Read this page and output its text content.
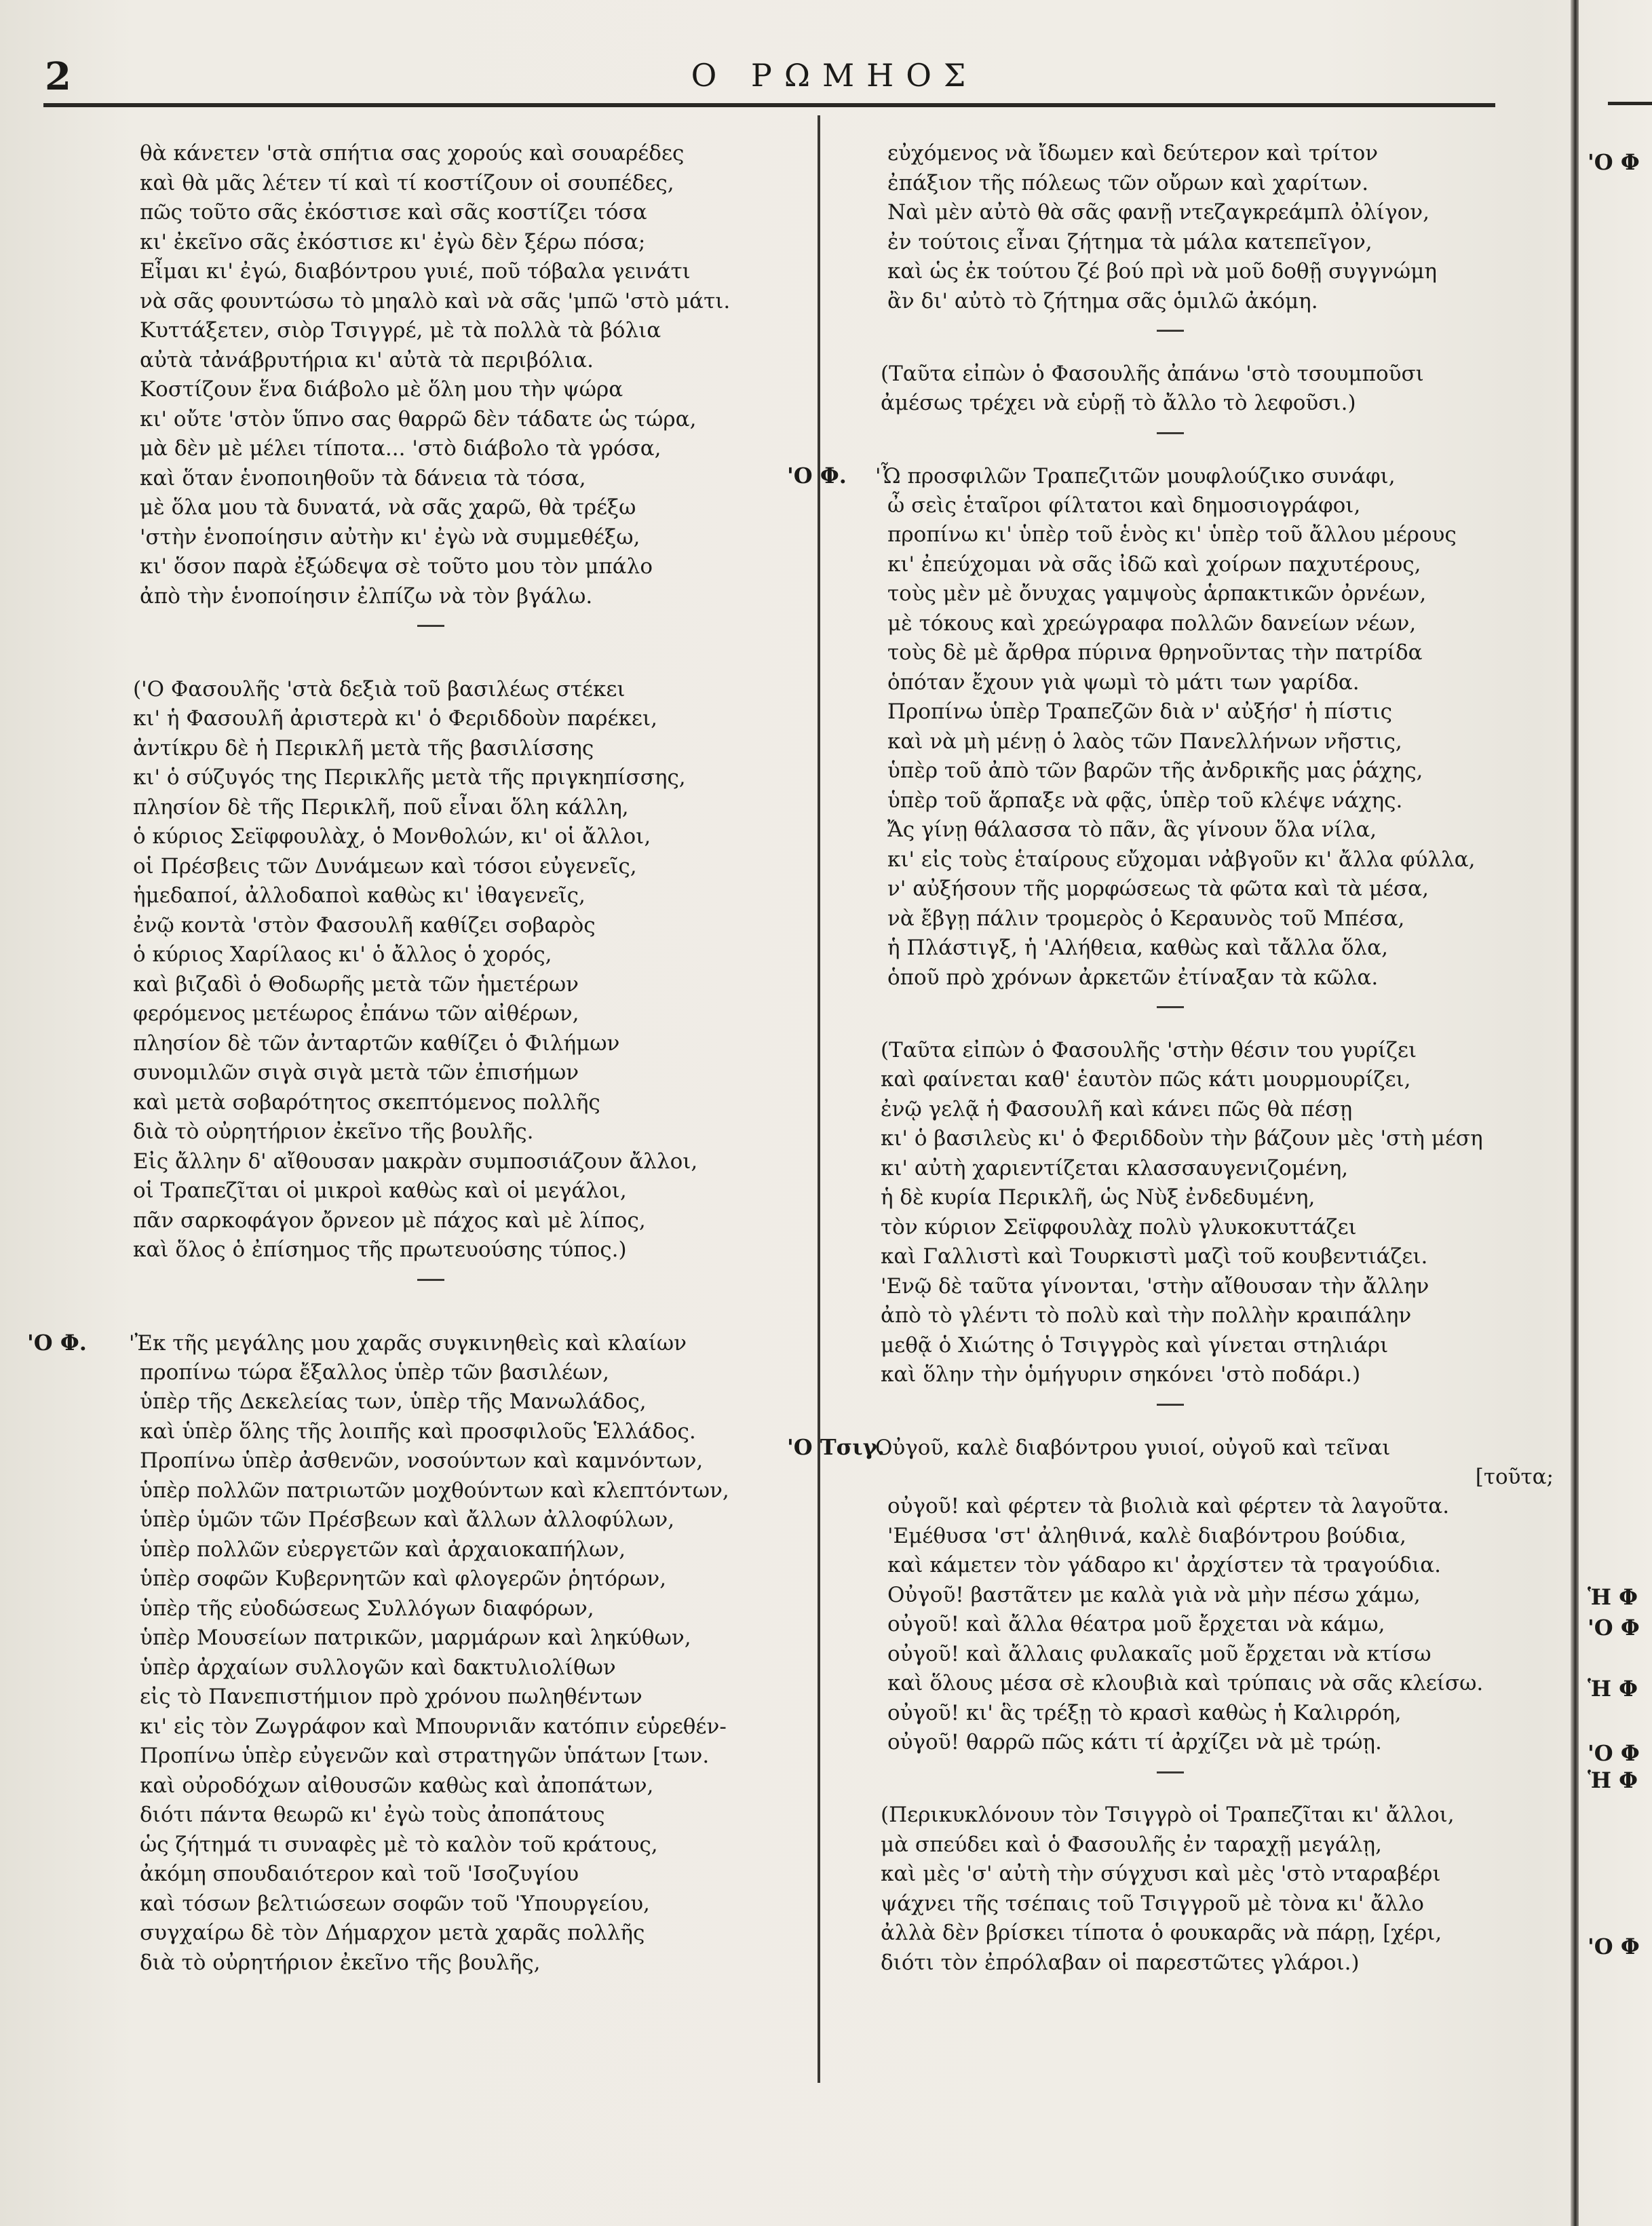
2	Ο ΡΩΜΗΟΣ
θὰ κάνετεν 'στὰ σπήτια σας χορούς καὶ σουαρέδες
καὶ θὰ μᾶς λέτεν τί καὶ τί κοστίζουν οἱ σουπέδες,
πῶς τοῦτο σᾶς ἐκόστισε καὶ σᾶς κοστίζει τόσα
κι' ἐκεῖνο σᾶς ἐκόστισε κι' ἐγὼ δὲν ξέρω πόσα;
Εἶμαι κι' ἐγώ, διαβόντρου γυιέ, ποῦ τόβαλα γεινάτι
νὰ σᾶς φουντώσω τὸ μηαλὸ καὶ νὰ σᾶς 'μπῶ 'στὸ μάτι.
Κυττάξετεν, σιὸρ Τσιγγρέ, μὲ τὰ πολλὰ τὰ βόλια
αὐτὰ τἀνάβρυτήρια κι' αὐτὰ τὰ περιβόλια.
Κοστίζουν ἕνα διάβολο μὲ ὅλη μου τὴν ψώρα
κι' οὔτε 'στὸν ὕπνο σας θαρρῶ δὲν τάδατε ὡς τώρα,
μὰ δὲν μὲ μέλει τίποτα... 'στὸ διάβολο τὰ γρόσα,
καὶ ὅταν ἑνοποιηθοῦν τὰ δάνεια τὰ τόσα,
μὲ ὅλα μου τὰ δυνατά, νὰ σᾶς χαρῶ, θὰ τρέξω
'στὴν ἑνοποίησιν αὐτὴν κι' ἐγὼ νὰ συμμεθέξω,
κι' ὅσον παρὰ ἐξώδεψα σὲ τοῦτο μου τὸν μπάλο
ἀπὸ τὴν ἑνοποίησιν ἐλπίζω νὰ τὸν βγάλω.
('Ο Φασουλῆς 'στὰ δεξιὰ τοῦ βασιλέως στέκει
κι' ἡ Φασουλῆ ἀριστερὰ κι' ὁ Φεριδδοὺν παρέκει,
ἀντίκρυ δὲ ἡ Περικλῆ μετὰ τῆς βασιλίσσης
κι' ὁ σύζυγός της Περικλῆς μετὰ τῆς πριγκηπίσσης,
πλησίον δὲ τῆς Περικλῆ, ποῦ εἶναι ὅλη κάλλη,
ὁ κύριος Σεϊφφουλὰχ, ὁ Μονθολών, κι' οἱ ἄλλοι,
οἱ Πρέσβεις τῶν Δυνάμεων καὶ τόσοι εὐγενεῖς,
ἡμεδαποί, ἀλλοδαποὶ καθὼς κι' ἰθαγενεῖς,
ἐνῷ κοντὰ 'στὸν Φασουλῆ καθίζει σοβαρὸς
ὁ κύριος Χαρίλαος κι' ὁ ἄλλος ὁ χορός,
καὶ βιζαδὶ ὁ Θοδωρῆς μετὰ τῶν ἡμετέρων
φερόμενος μετέωρος ἐπάνω τῶν αἰθέρων,
πλησίον δὲ τῶν ἀνταρτῶν καθίζει ὁ Φιλήμων
συνομιλῶν σιγὰ σιγὰ μετὰ τῶν ἐπισήμων
καὶ μετὰ σοβαρότητος σκεπτόμενος πολλῆς
διὰ τὸ οὐρητήριον ἐκεῖνο τῆς βουλῆς.
Εἰς ἄλλην δ' αἴθουσαν μακρὰν συμποσιάζουν ἄλλοι,
οἱ Τραπεζῖται οἱ μικροὶ καθὼς καὶ οἱ μεγάλοι,
πᾶν σαρκοφάγον ὄρνεον μὲ πάχος καὶ μὲ λίπος,
καὶ ὅλος ὁ ἐπίσημος τῆς πρωτευούσης τύπος.)
'Ο Φ. 'Ἐκ τῆς μεγάλης μου χαρᾶς συγκινηθεὶς καὶ κλαίων
προπίνω τώρα ἔξαλλος ὑπὲρ τῶν βασιλέων,
ὑπὲρ τῆς Δεκελείας των, ὑπὲρ τῆς Μανωλάδος,
καὶ ὑπὲρ ὅλης τῆς λοιπῆς καὶ προσφιλοῦς Ἑλλάδος.
Προπίνω ὑπὲρ ἀσθενῶν, νοσούντων καὶ καμνόντων,
ὑπὲρ πολλῶν πατριωτῶν μοχθούντων καὶ κλεπτόντων,
ὑπὲρ ὑμῶν τῶν Πρέσβεων καὶ ἄλλων ἀλλοφύλων,
ὑπὲρ πολλῶν εὐεργετῶν καὶ ἀρχαιοκαπήλων,
ὑπὲρ σοφῶν Κυβερνητῶν καὶ φλογερῶν ῥητόρων,
ὑπὲρ τῆς εὐοδώσεως Συλλόγων διαφόρων,
ὑπὲρ Μουσείων πατρικῶν, μαρμάρων καὶ ληκύθων,
ὑπὲρ ἀρχαίων συλλογῶν καὶ δακτυλιολίθων
εἰς τὸ Πανεπιστήμιον πρὸ χρόνου πωληθέντων
κι' εἰς τὸν Ζωγράφον καὶ Μπουρνιᾶν κατόπιν εὑρεθέν-
Προπίνω ὑπὲρ εὐγενῶν καὶ στρατηγῶν ὑπάτων [των.
καὶ οὐροδόχων αἰθουσῶν καθὼς καὶ ἀποπάτων,
διότι πάντα θεωρῶ κι' ἐγὼ τοὺς ἀποπάτους
ὡς ζήτημά τι συναφὲς μὲ τὸ καλὸν τοῦ κράτους,
ἀκόμη σπουδαιότερον καὶ τοῦ 'Ισοζυγίου
καὶ τόσων βελτιώσεων σοφῶν τοῦ 'Υπουργείου,
συγχαίρω δὲ τὸν Δήμαρχον μετὰ χαρᾶς πολλῆς
διὰ τὸ οὐρητήριον ἐκεῖνο τῆς βουλῆς,
εὐχόμενος νὰ ἴδωμεν καὶ δεύτερον καὶ τρίτον
ἐπάξιον τῆς πόλεως τῶν οὔρων καὶ χαρίτων.
Ναὶ μὲν αὐτὸ θὰ σᾶς φανῇ ντεζαγκρεάμπλ ὀλίγον,
ἐν τούτοις εἶναι ζήτημα τὰ μάλα κατεπεῖγον,
καὶ ὡς ἐκ τούτου ζέ βού πρὶ νὰ μοῦ δοθῇ συγγνώμη
ἂν δι' αὐτὸ τὸ ζήτημα σᾶς ὁμιλῶ ἀκόμη.
(Ταῦτα εἰπὼν ὁ Φασουλῆς ἀπάνω 'στὸ τσουμποῦσι
ἀμέσως τρέχει νὰ εὑρῇ τὸ ἄλλο τὸ λεφοῦσι.)
'Ο Φ. 'Ὦ προσφιλῶν Τραπεζιτῶν μουφλούζικο συνάφι,
ὦ σεὶς ἑταῖροι φίλτατοι καὶ δημοσιογράφοι,
προπίνω κι' ὑπὲρ τοῦ ἑνὸς κι' ὑπὲρ τοῦ ἄλλου μέρους
κι' ἐπεύχομαι νὰ σᾶς ἰδῶ καὶ χοίρων παχυτέρους,
τοὺς μὲν μὲ ὄνυχας γαμψοὺς ἁρπακτικῶν ὀρνέων,
μὲ τόκους καὶ χρεώγραφα πολλῶν δανείων νέων,
τοὺς δὲ μὲ ἄρθρα πύρινα θρηνοῦντας τὴν πατρίδα
ὁπόταν ἔχουν γιὰ ψωμὶ τὸ μάτι των γαρίδα.
Προπίνω ὑπὲρ Τραπεζῶν διὰ ν' αὐξήσ' ἡ πίστις
καὶ νὰ μὴ μένῃ ὁ λαὸς τῶν Πανελλήνων νῆστις,
ὑπὲρ τοῦ ἀπὸ τῶν βαρῶν τῆς ἀνδρικῆς μας ῥάχης,
ὑπὲρ τοῦ ἅρπαξε νὰ φᾷς, ὑπὲρ τοῦ κλέψε νάχης.
Ἄς γίνῃ θάλασσα τὸ πᾶν, ἃς γίνουν ὅλα νίλα,
κι' εἰς τοὺς ἑταίρους εὔχομαι νἀβγοῦν κι' ἄλλα φύλλα,
ν' αὐξήσουν τῆς μορφώσεως τὰ φῶτα καὶ τὰ μέσα,
νὰ ἔβγῃ πάλιν τρομερὸς ὁ Κεραυνὸς τοῦ Μπέσα,
ἡ Πλάστιγξ, ἡ 'Αλήθεια, καθὼς καὶ τἄλλα ὅλα,
ὁποῦ πρὸ χρόνων ἀρκετῶν ἐτίναξαν τὰ κῶλα.
(Ταῦτα εἰπὼν ὁ Φασουλῆς 'στὴν θέσιν του γυρίζει
καὶ φαίνεται καθ' ἑαυτὸν πῶς κάτι μουρμουρίζει,
ἐνῷ γελᾷ ἡ Φασουλῆ καὶ κάνει πῶς θὰ πέσῃ
κι' ὁ βασιλεὺς κι' ὁ Φεριδδοὺν τὴν βάζουν μὲς 'στὴ μέση
κι' αὐτὴ χαριεντίζεται κλασσαυγενιζομένη,
ἡ δὲ κυρία Περικλῆ, ὡς Νὺξ ἐνδεδυμένη,
τὸν κύριον Σεϊφφουλὰχ πολὺ γλυκοκυττάζει
καὶ Γαλλιστὶ καὶ Τουρκιστὶ μαζὶ τοῦ κουβεντιάζει.
'Ενῷ δὲ ταῦτα γίνονται, 'στὴν αἴθουσαν τὴν ἄλλην
ἀπὸ τὸ γλέντι τὸ πολὺ καὶ τὴν πολλὴν κραιπάλην
μεθᾷ ὁ Χιώτης ὁ Τσιγγρὸς καὶ γίνεται στηλιάρι
καὶ ὅλην τὴν ὁμήγυριν σηκόνει 'στὸ ποδάρι.)
'Ο Τσιγ.Οὐγοῦ, καλὲ διαβόντρου γυιοί, οὐγοῦ καὶ τεῖναι
[τοῦτα;
οὐγοῦ! καὶ φέρτεν τὰ βιολιὰ καὶ φέρτεν τὰ λαγοῦτα.
'Εμέθυσα 'στ' ἀληθινά, καλὲ διαβόντρου βούδια,
καὶ κάμετεν τὸν γάδαρο κι' ἀρχίστεν τὰ τραγούδια.
Οὐγοῦ! βαστᾶτεν με καλὰ γιὰ νὰ μὴν πέσω χάμω,
οὐγοῦ! καὶ ἄλλα θέατρα μοῦ ἔρχεται νὰ κάμω,
οὐγοῦ! καὶ ἄλλαις φυλακαῖς μοῦ ἔρχεται νὰ κτίσω
καὶ ὅλους μέσα σὲ κλουβιὰ καὶ τρύπαις νὰ σᾶς κλείσω.
οὐγοῦ! κι' ἃς τρέξῃ τὸ κρασὶ καθὼς ἡ Καλιρρόη,
οὐγοῦ! θαρρῶ πῶς κάτι τί ἀρχίζει νὰ μὲ τρώῃ.
(Περικυκλόνουν τὸν Τσιγγρὸ οἱ Τραπεζῖται κι' ἄλλοι,
μὰ σπεύδει καὶ ὁ Φασουλῆς ἐν ταραχῇ μεγάλῃ,
καὶ μὲς 'σ' αὐτὴ τὴν σύγχυσι καὶ μὲς 'στὸ νταραβέρι
ψάχνει τῆς τσέπαις τοῦ Τσιγγροῦ μὲ τὸνα κι' ἄλλο
ἀλλὰ δὲν βρίσκει τίποτα ὁ φουκαρᾶς νὰ πάρῃ, [χέρι,
διότι τὸν ἐπρόλαβαν οἱ παρεστῶτες γλάροι.)
'Ο Φ
Ἡ Φ
'Ο Φ
Ἡ Φ
'Ο Φ
Ἡ Φ
'Ο Φ
